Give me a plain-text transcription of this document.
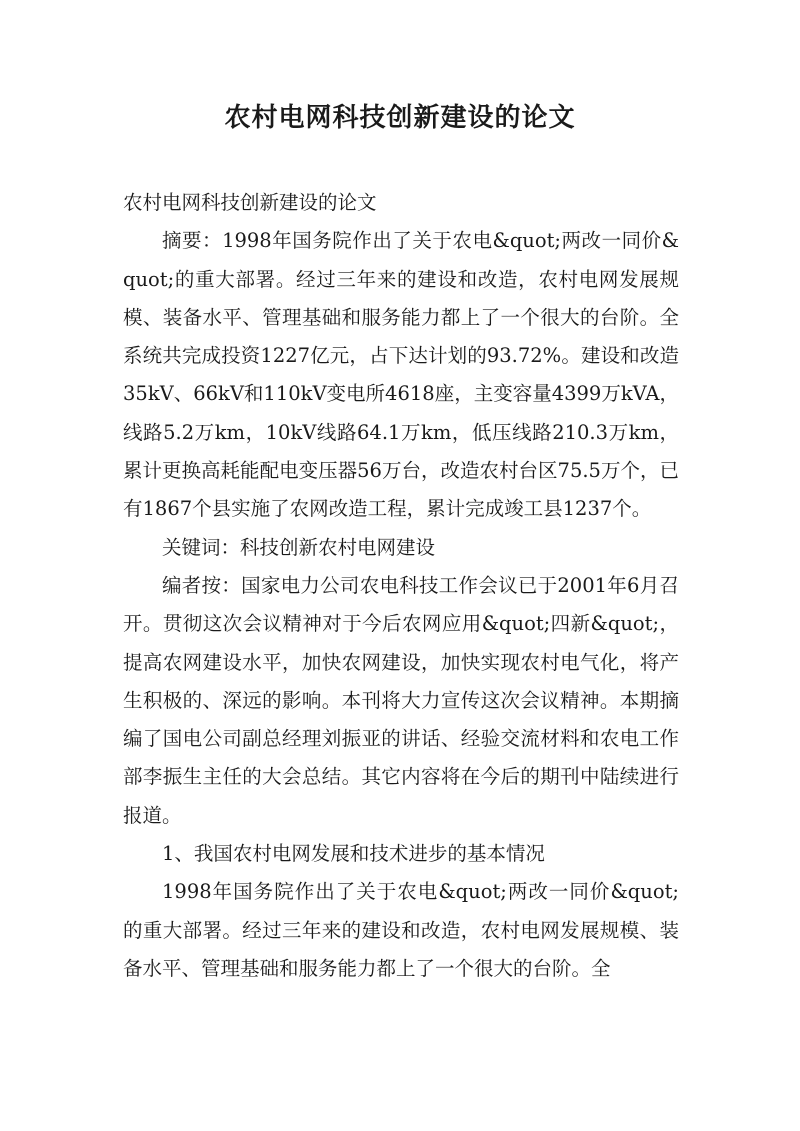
农村电网科技创新建设的论文

农村电网科技创新建设的论文

摘要：1998年国务院作出了关于农电&quot;两改一同价&quot;的重大部署。经过三年来的建设和改造，农村电网发展规模、装备水平、管理基础和服务能力都上了一个很大的台阶。全系统共完成投资1227亿元，占下达计划的93.72%。建设和改造35kV、66kV和110kV变电所4618座，主变容量4399万kVA，线路5.2万km，10kV线路64.1万km，低压线路210.3万km，累计更换高耗能配电变压器56万台，改造农村台区75.5万个，已有1867个县实施了农网改造工程，累计完成竣工县1237个。

关键词：科技创新农村电网建设

编者按：国家电力公司农电科技工作会议已于2001年6月召开。贯彻这次会议精神对于今后农网应用&quot;四新&quot;，提高农网建设水平，加快农网建设，加快实现农村电气化，将产生积极的、深远的影响。本刊将大力宣传这次会议精神。本期摘编了国电公司副总经理刘振亚的讲话、经验交流材料和农电工作部李振生主任的大会总结。其它内容将在今后的期刊中陆续进行报道。

1、我国农村电网发展和技术进步的基本情况

1998年国务院作出了关于农电&quot;两改一同价&quot;的重大部署。经过三年来的建设和改造，农村电网发展规模、装备水平、管理基础和服务能力都上了一个很大的台阶。全
